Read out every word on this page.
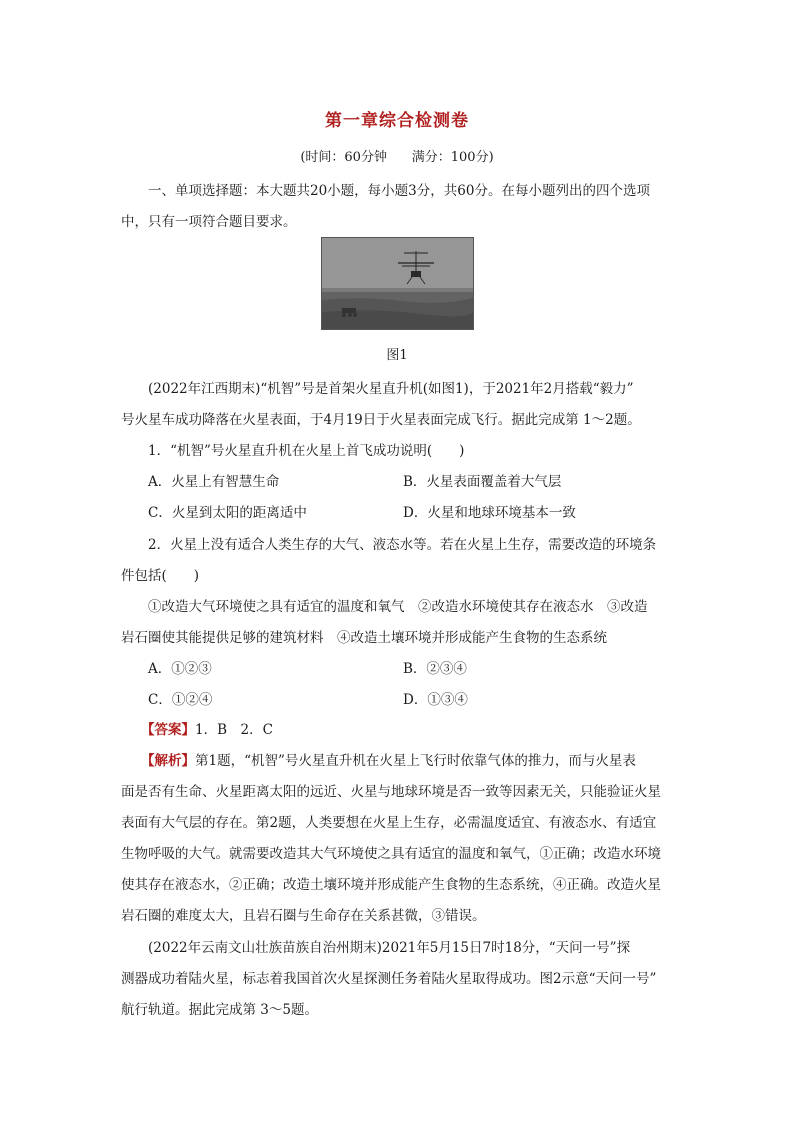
第一章综合检测卷
(时间：60分钟      满分：100分)
一、单项选择题：本大题共20小题，每小题3分，共60分。在每小题列出的四个选项
中，只有一项符合题目要求。
图1
(2022年江西期末)“机智”号是首架火星直升机(如图1)，于2021年2月搭载“毅力”
号火星车成功降落在火星表面，于4月19日于火星表面完成飞行。据此完成第 1～2题。
1．“机智”号火星直升机在火星上首飞成功说明(　　)
A．火星上有智慧生命	B．火星表面覆盖着大气层
C．火星到太阳的距离适中	D．火星和地球环境基本一致
2．火星上没有适合人类生存的大气、液态水等。若在火星上生存，需要改造的环境条
件包括(　　)
①改造大气环境使之具有适宜的温度和氧气　②改造水环境使其存在液态水　③改造
岩石圈使其能提供足够的建筑材料　④改造土壤环境并形成能产生食物的生态系统
A．①②③	B．②③④
C．①②④	D．①③④
【答案】1．B　2．C
【解析】第1题，“机智”号火星直升机在火星上飞行时依靠气体的推力，而与火星表
面是否有生命、火星距离太阳的远近、火星与地球环境是否一致等因素无关，只能验证火星
表面有大气层的存在。第2题，人类要想在火星上生存，必需温度适宜、有液态水、有适宜
生物呼吸的大气。就需要改造其大气环境使之具有适宜的温度和氧气，①正确；改造水环境
使其存在液态水，②正确；改造土壤环境并形成能产生食物的生态系统，④正确。改造火星
岩石圈的难度太大，且岩石圈与生命存在关系甚微，③错误。
(2022年云南文山壮族苗族自治州期末)2021年5月15日7时18分，“天问一号”探
测器成功着陆火星，标志着我国首次火星探测任务着陆火星取得成功。图2示意“天问一号”
航行轨道。据此完成第 3～5题。
